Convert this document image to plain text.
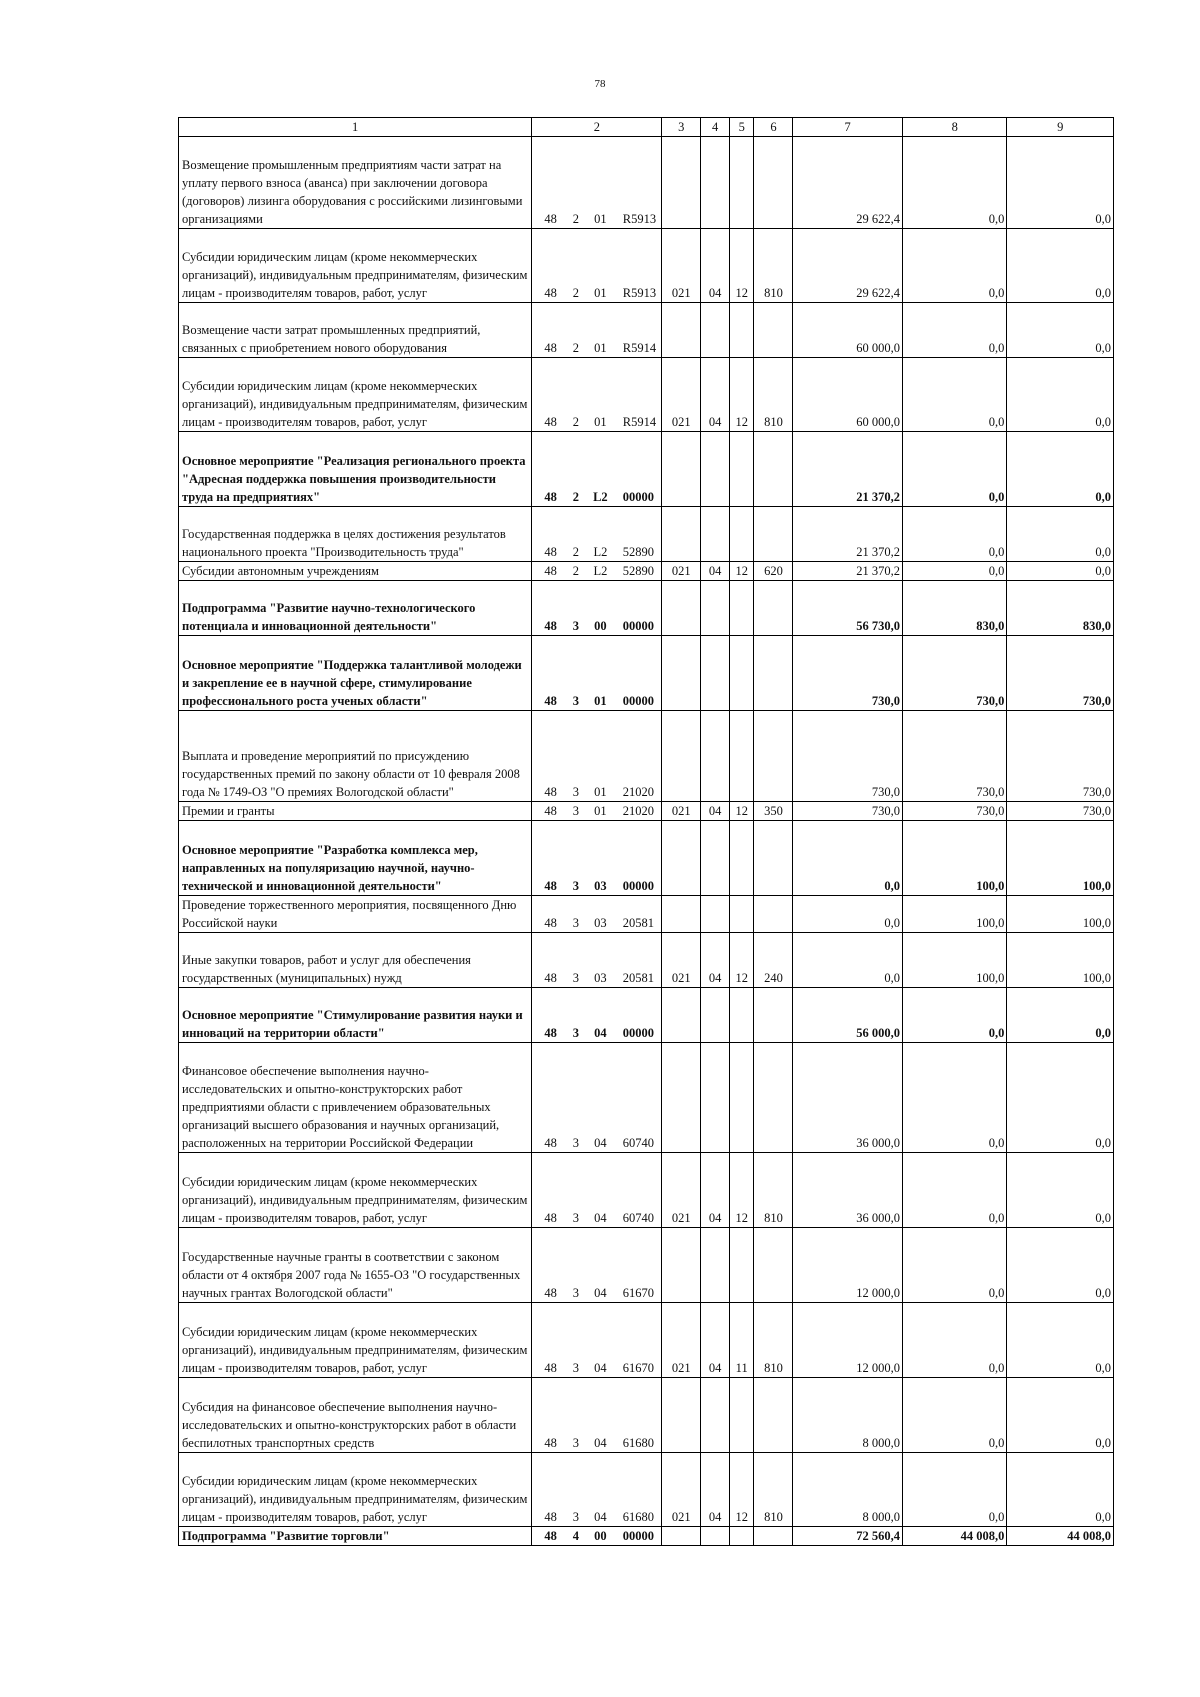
78
1	2				3	4	5	6	7	8	9
Возмещение промышленным предприятиям части затрат на уплату первого взноса (аванса) при заключении договора (договоров) лизинга оборудования с российскими лизинговыми организациями	48	2	01	R5913					29 622,4	0,0	0,0
Субсидии юридическим лицам (кроме некоммерческих организаций), индивидуальным предпринимателям, физическим лицам - производителям товаров, работ, услуг	48	2	01	R5913	021	04	12	810	29 622,4	0,0	0,0
Возмещение части затрат промышленных предприятий, связанных с приобретением нового оборудования	48	2	01	R5914					60 000,0	0,0	0,0
Субсидии юридическим лицам (кроме некоммерческих организаций), индивидуальным предпринимателям, физическим лицам - производителям товаров, работ, услуг	48	2	01	R5914	021	04	12	810	60 000,0	0,0	0,0
Основное мероприятие "Реализация регионального проекта "Адресная поддержка повышения производительности труда на предприятиях"	48	2	L2	00000					21 370,2	0,0	0,0
Государственная поддержка в целях достижения результатов национального проекта "Производительность труда"	48	2	L2	52890					21 370,2	0,0	0,0
Субсидии автономным учреждениям	48	2	L2	52890	021	04	12	620	21 370,2	0,0	0,0
Подпрограмма "Развитие научно-технологического потенциала и инновационной деятельности"	48	3	00	00000					56 730,0	830,0	830,0
Основное мероприятие "Поддержка талантливой молодежи и закрепление ее в научной сфере, стимулирование профессионального роста ученых области"	48	3	01	00000					730,0	730,0	730,0
Выплата и проведение мероприятий по присуждению государственных премий по закону области от 10 февраля 2008 года № 1749-ОЗ "О премиях Вологодской области"	48	3	01	21020					730,0	730,0	730,0
Премии и гранты	48	3	01	21020	021	04	12	350	730,0	730,0	730,0
Основное мероприятие "Разработка комплекса мер, направленных на популяризацию научной, научно-технической и инновационной деятельности"	48	3	03	00000					0,0	100,0	100,0
Проведение торжественного мероприятия, посвященного Дню Российской науки	48	3	03	20581					0,0	100,0	100,0
Иные закупки товаров, работ и услуг для обеспечения государственных (муниципальных) нужд	48	3	03	20581	021	04	12	240	0,0	100,0	100,0
Основное мероприятие "Стимулирование развития науки и инноваций на территории области"	48	3	04	00000					56 000,0	0,0	0,0
Финансовое обеспечение выполнения научно-исследовательских и опытно-конструкторских работ предприятиями области с привлечением образовательных организаций высшего образования и научных организаций, расположенных на территории Российской Федерации	48	3	04	60740					36 000,0	0,0	0,0
Субсидии юридическим лицам (кроме некоммерческих организаций), индивидуальным предпринимателям, физическим лицам - производителям товаров, работ, услуг	48	3	04	60740	021	04	12	810	36 000,0	0,0	0,0
Государственные научные гранты в соответствии с законом области от 4 октября 2007 года № 1655-ОЗ "О государственных научных грантах Вологодской области"	48	3	04	61670					12 000,0	0,0	0,0
Субсидии юридическим лицам (кроме некоммерческих организаций), индивидуальным предпринимателям, физическим лицам - производителям товаров, работ, услуг	48	3	04	61670	021	04	11	810	12 000,0	0,0	0,0
Субсидия на финансовое обеспечение выполнения научно- исследовательских и опытно-конструкторских работ в области беспилотных транспортных средств	48	3	04	61680					8 000,0	0,0	0,0
Субсидии юридическим лицам (кроме некоммерческих организаций), индивидуальным предпринимателям, физическим лицам - производителям товаров, работ, услуг	48	3	04	61680	021	04	12	810	8 000,0	0,0	0,0
Подпрограмма "Развитие торговли"	48	4	00	00000					72 560,4	44 008,0	44 008,0
